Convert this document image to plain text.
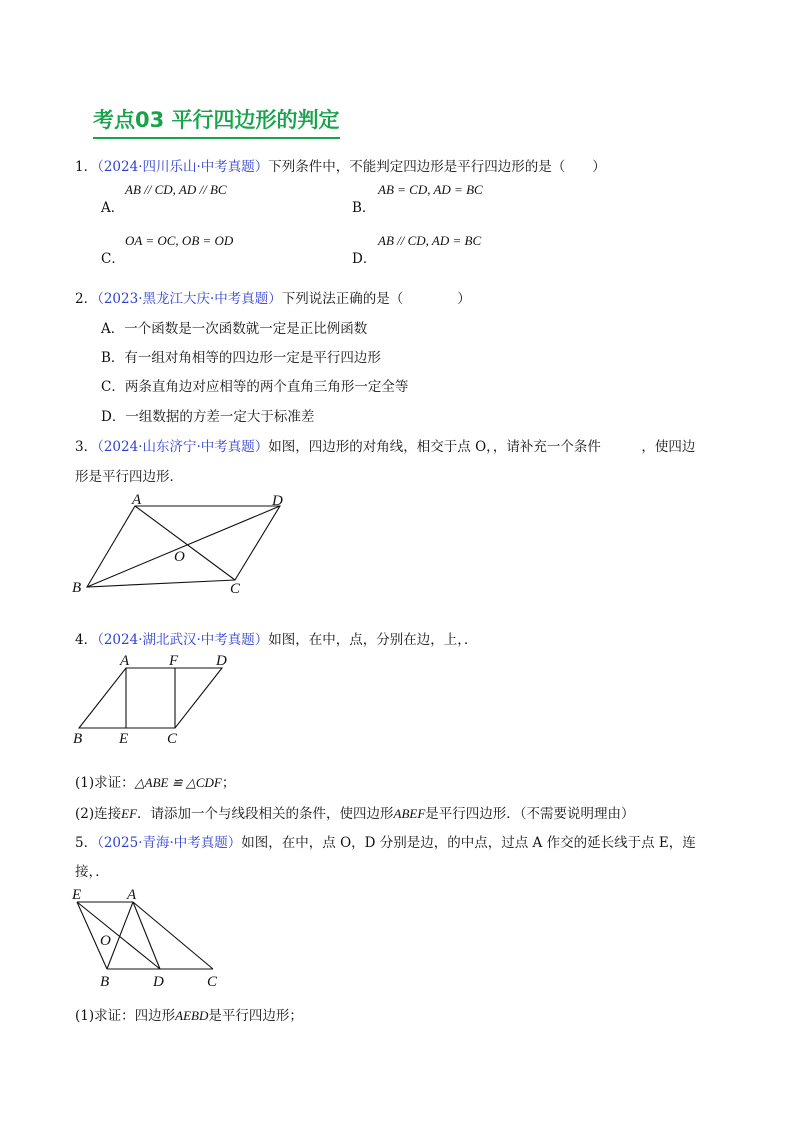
考点03 平行四边形的判定
1．（2024·四川乐山·中考真题）下列条件中，不能判定四边形是平行四边形的是（　　）
A．
AB // CD, AD // BC
B．
AB = CD, AD = BC
C．
OA = OC, OB = OD
D．
AB // CD, AD = BC
2．（2023·黑龙江大庆·中考真题）下列说法正确的是（　　　　）
A．一个函数是一次函数就一定是正比例函数
B．有一组对角相等的四边形一定是平行四边形
C．两条直角边对应相等的两个直角三角形一定全等
D．一组数据的方差一定大于标准差
3．（2024·山东济宁·中考真题）如图，四边形的对角线，相交于点 O，，请补充一个条件　　　，使四边
形是平行四边形．
A	D
O
B	C
4．（2024·湖北武汉·中考真题）如图，在中，点，分别在边，上，．
A	F	D
B E	C
(1)求证：△ABE ≌ △CDF；
(2)连接EF．请添加一个与线段相关的条件，使四边形ABEF是平行四边形．（不需要说明理由）
5．（2025·青海·中考真题）如图，在中，点 O，D 分别是边，的中点，过点 A 作交的延长线于点 E，连
接，．
E	A
O
B	D	C
(1)求证：四边形AEBD是平行四边形；
